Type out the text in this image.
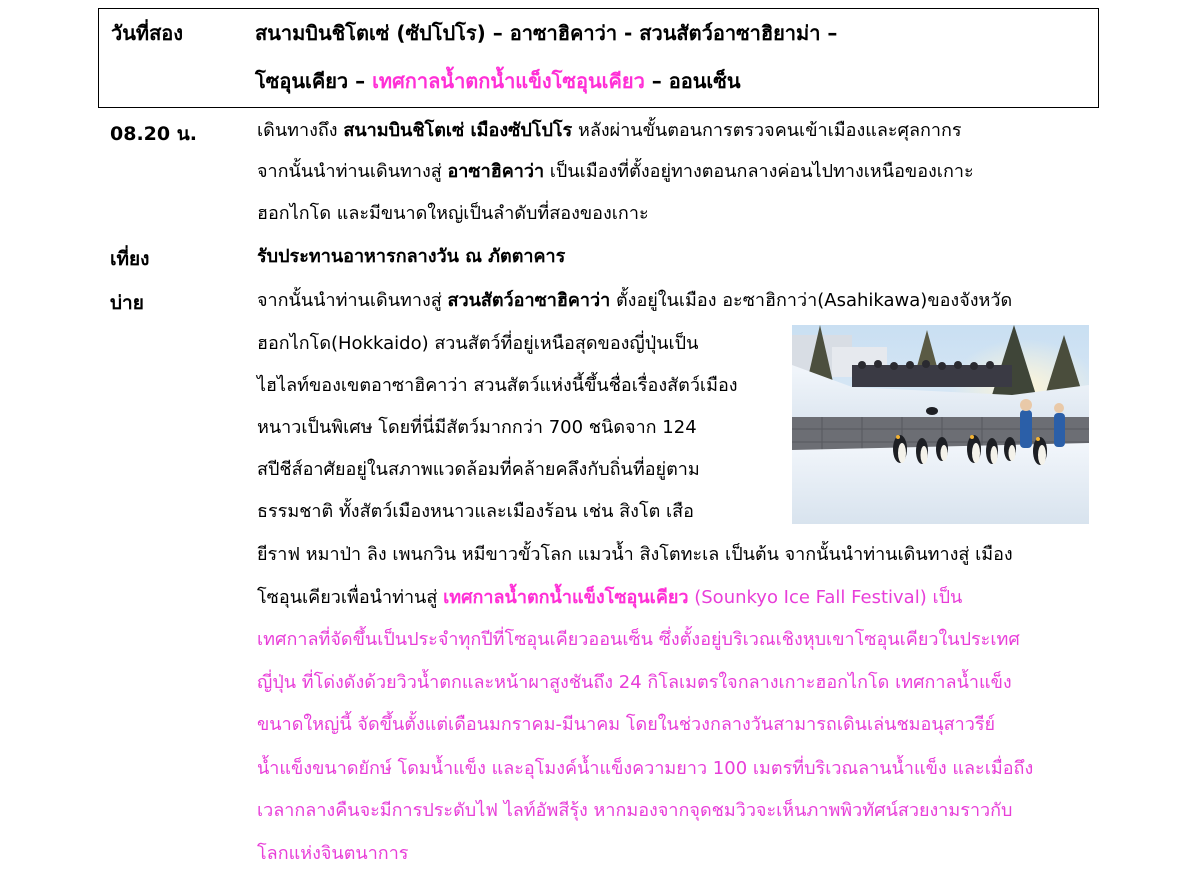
วันที่สอง	สนามบินชิโตเซ่ (ซัปโปโร) – อาซาฮิคาว่า - สวนสัตว์อาซาฮิยาม่า –
โซอุนเคียว – เทศกาลน้ำตกน้ำแข็งโซอุนเคียว – ออนเซ็น
08.20 น.	เดินทางถึง สนามบินชิโตเซ่ เมืองซัปโปโร หลังผ่านขั้นตอนการตรวจคนเข้าเมืองและศุลกากร
จากนั้นนำท่านเดินทางสู่ อาซาฮิคาว่า เป็นเมืองที่ตั้งอยู่ทางตอนกลางค่อนไปทางเหนือของเกาะ
ฮอกไกโด และมีขนาดใหญ่เป็นลำดับที่สองของเกาะ
เที่ยง	รับประทานอาหารกลางวัน ณ ภัตตาคาร
บ่าย	จากนั้นนำท่านเดินทางสู่ สวนสัตว์อาซาฮิคาว่า ตั้งอยู่ในเมือง อะซาฮิกาว่า(Asahikawa)ของจังหวัด
ฮอกไกโด(Hokkaido) สวนสัตว์ที่อยู่เหนือสุดของญี่ปุ่นเป็น
ไฮไลท์ของเขตอาซาฮิคาว่า สวนสัตว์แห่งนี้ขึ้นชื่อเรื่องสัตว์เมือง
หนาวเป็นพิเศษ โดยที่นี่มีสัตว์มากกว่า 700 ชนิดจาก 124
สปีชีส์อาศัยอยู่ในสภาพแวดล้อมที่คล้ายคลึงกับถิ่นที่อยู่ตาม
ธรรมชาติ ทั้งสัตว์เมืองหนาวและเมืองร้อน เช่น สิงโต เสือ
ยีราฟ หมาป่า ลิง เพนกวิน หมีขาวขั้วโลก แมวน้ำ สิงโตทะเล เป็นต้น จากนั้นนำท่านเดินทางสู่ เมือง
โซอุนเคียวเพื่อนำท่านสู่ เทศกาลน้ำตกน้ำแข็งโซอุนเคียว (Sounkyo Ice Fall Festival) เป็น
เทศกาลที่จัดขึ้นเป็นประจำทุกปีที่โซอุนเคียวออนเซ็น ซึ่งตั้งอยู่บริเวณเชิงหุบเขาโซอุนเคียวในประเทศ
ญี่ปุ่น ที่โด่งดังด้วยวิวน้ำตกและหน้าผาสูงชันถึง 24 กิโลเมตรใจกลางเกาะฮอกไกโด เทศกาลน้ำแข็ง
ขนาดใหญ่นี้ จัดขึ้นตั้งแต่เดือนมกราคม-มีนาคม โดยในช่วงกลางวันสามารถเดินเล่นชมอนุสาวรีย์
น้ำแข็งขนาดยักษ์ โดมน้ำแข็ง และอุโมงค์น้ำแข็งความยาว 100 เมตรที่บริเวณลานน้ำแข็ง และเมื่อถึง
เวลากลางคืนจะมีการประดับไฟ ไลท์อัพสีรุ้ง หากมองจากจุดชมวิวจะเห็นภาพพิวทัศน์สวยงามราวกับ
โลกแห่งจินตนาการ
